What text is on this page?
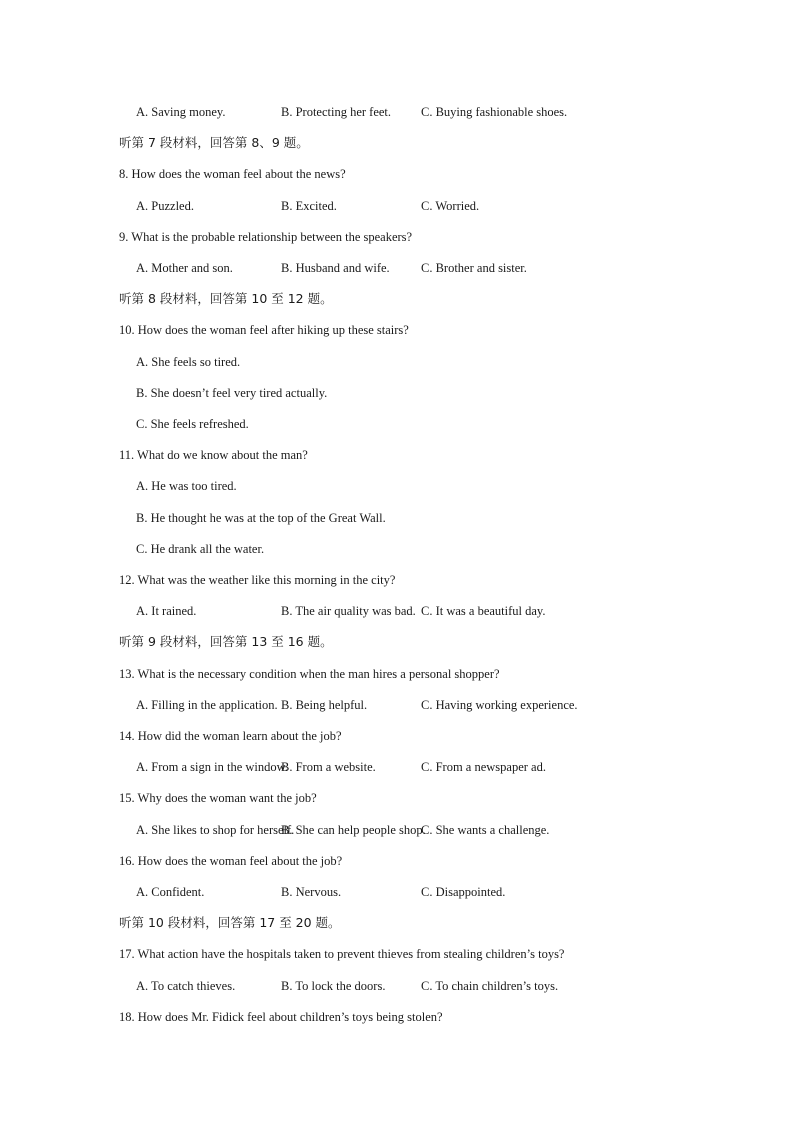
A. Saving money.	B. Protecting her feet. C. Buying fashionable shoes.
听第 7 段材料，回答第 8、9 题。
8. How does the woman feel about the news?
A. Puzzled.	B. Excited.	C. Worried.
9. What is the probable relationship between the speakers?
A. Mother and son.	B. Husband and wife.	C. Brother and sister.
听第 8 段材料，回答第 10 至 12 题。
10. How does the woman feel after hiking up these stairs?
A. She feels so tired.
B. She doesn’t feel very tired actually.
C. She feels refreshed.
11. What do we know about the man?
A. He was too tired.
B. He thought he was at the top of the Great Wall.
C. He drank all the water.
12. What was the weather like this morning in the city?
A. It rained.	B. The air quality was bad. C. It was a beautiful day.
听第 9 段材料，回答第 13 至 16 题。
13. What is the necessary condition when the man hires a personal shopper?
A. Filling in the application. B. Being helpful.	C. Having working experience.
14. How did the woman learn about the job?
A. From a sign in the window.
B. From a website.	C. From a newspaper ad.
15. Why does the woman want the job?
A. She likes to shop for herself.
B. She can help people shop.
C. She wants a challenge.
16. How does the woman feel about the job?
A. Confident.	B. Nervous.	C. Disappointed.
听第 10 段材料，回答第 17 至 20 题。
17. What action have the hospitals taken to prevent thieves from stealing children’s toys?
A. To catch thieves.	B. To lock the doors.	C. To chain children’s toys.
18. How does Mr. Fidick feel about children’s toys being stolen?
